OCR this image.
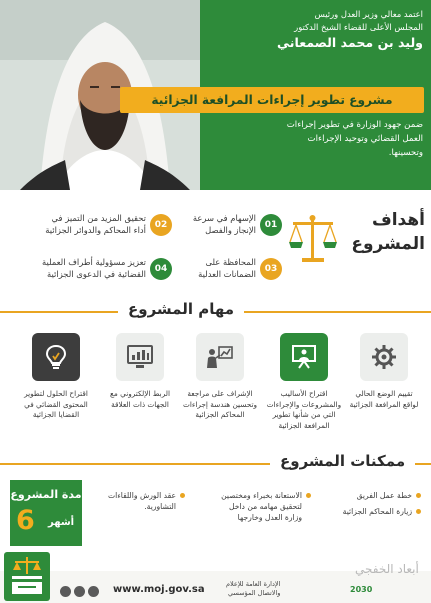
اعتمد معالي وزير العدل ورئيس
المجلس الأعلى للقضاء الشيخ الدكتور
وليد بن محمد الصمعاني
مشروع تطوير إجراءات المرافعة الجزائية
ضمن جهود الوزارة في تطوير إجراءات
العمل القضائي وتوحيد الإجراءات
وتحسينها.
أهداف
المشروع
01
الإسهام في سرعة
الإنجاز والفصل
02
تحقيق المزيد من التميز في
أداء المحاكم والدوائر الجزائية
03
المحافظة على
الضمانات العدلية
04
تعزيز مسؤولية أطراف العملية
القضائية في الدعوى الجزائية
مهام المشروع
تقييم الوضع الحالي
لواقع المرافعة الجزائية
اقتراح الأساليب
والمشروعات والإجراءات
التي من شأنها تطوير
المرافعة الجزائية
الإشراف على مراجعة
وتحسين هندسة إجراءات
المحاكم الجزائية
الربط الإلكتروني مع
الجهات ذات العلاقة
اقتراح الحلول لتطوير
المحتوى القضائي في
القضايا الجزائية
ممكنات المشروع
مدة المشروع
6 أشهر
خطة عمل الفريق
زيارة المحاكم الجزائية
الاستعانة بخبراء ومختصين
لتحقيق مهامه من داخل
وزارة العدل وخارجها
عقد الورش واللقاءات
التشاورية.
www.moj.gov.sa	الإدارة العامة للإعلام
والاتصال المؤسسي
أبعاد الخفجي
2030
